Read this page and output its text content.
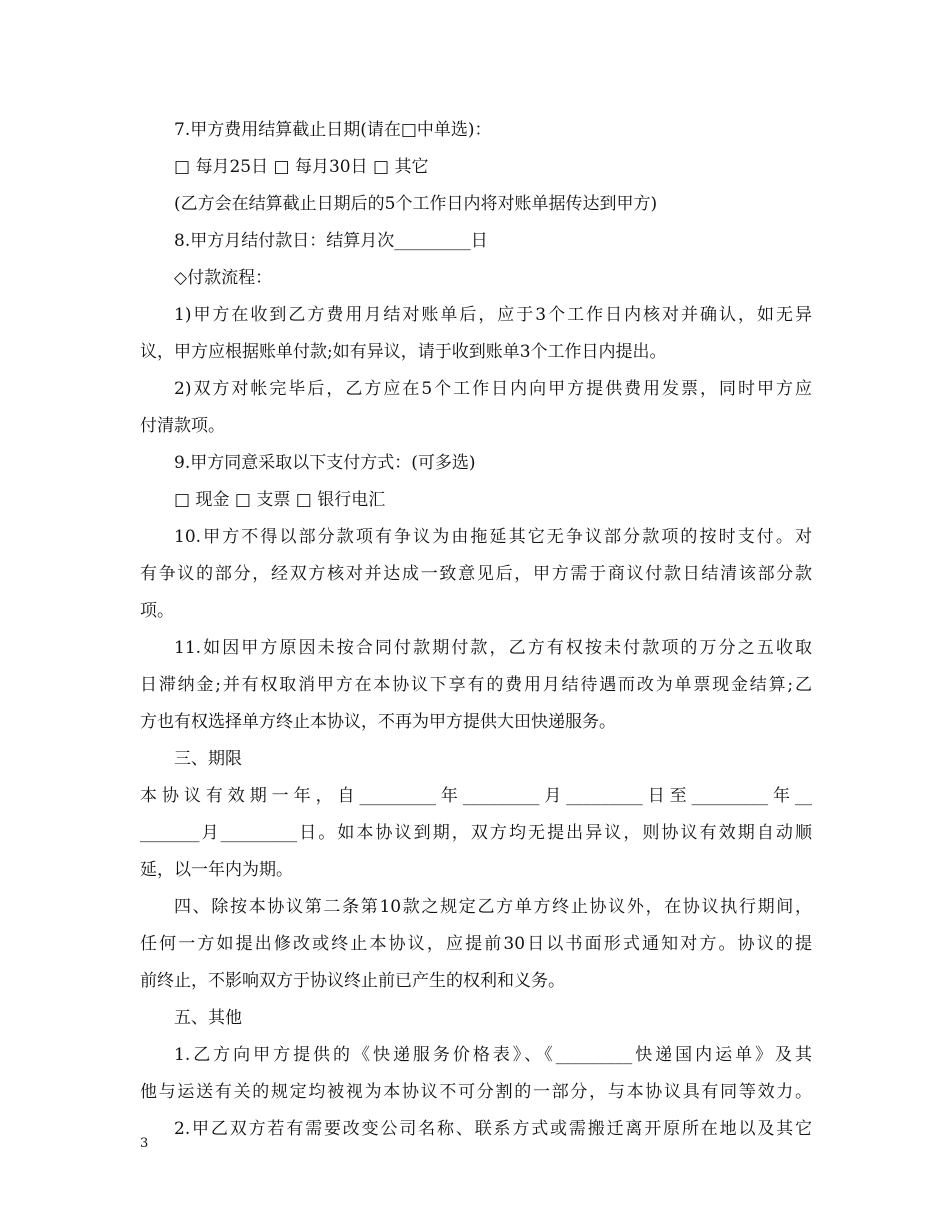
7.甲方费用结算截止日期(请在□中单选)：
□ 每月25日 □ 每月30日 □ 其它
(乙方会在结算截止日期后的5个工作日内将对账单据传达到甲方)
8.甲方月结付款日：结算月次_________日
◇付款流程：
1)甲方在收到乙方费用月结对账单后，应于3个工作日内核对并确认，如无异
议，甲方应根据账单付款;如有异议，请于收到账单3个工作日内提出。
2)双方对帐完毕后，乙方应在5个工作日内向甲方提供费用发票，同时甲方应
付清款项。
9.甲方同意采取以下支付方式：(可多选)
□ 现金 □ 支票 □ 银行电汇
10.甲方不得以部分款项有争议为由拖延其它无争议部分款项的按时支付。对
有争议的部分，经双方核对并达成一致意见后，甲方需于商议付款日结清该部分款
项。
11.如因甲方原因未按合同付款期付款，乙方有权按未付款项的万分之五收取
日滞纳金;并有权取消甲方在本协议下享有的费用月结待遇而改为单票现金结算;乙
方也有权选择单方终止本协议，不再为甲方提供大田快递服务。
三、期限
本协议有效期一年，自_________年_________月_________日至_________年__
_______月_________日。如本协议到期，双方均无提出异议，则协议有效期自动顺
延，以一年内为期。
四、除按本协议第二条第10款之规定乙方单方终止协议外，在协议执行期间，
任何一方如提出修改或终止本协议，应提前30日以书面形式通知对方。协议的提
前终止，不影响双方于协议终止前已产生的权利和义务。
五、其他
1.乙方向甲方提供的《快递服务价格表》、《_________快递国内运单》及其
他与运送有关的规定均被视为本协议不可分割的一部分，与本协议具有同等效力。
2.甲乙双方若有需要改变公司名称、联系方式或需搬迁离开原所在地以及其它
3
